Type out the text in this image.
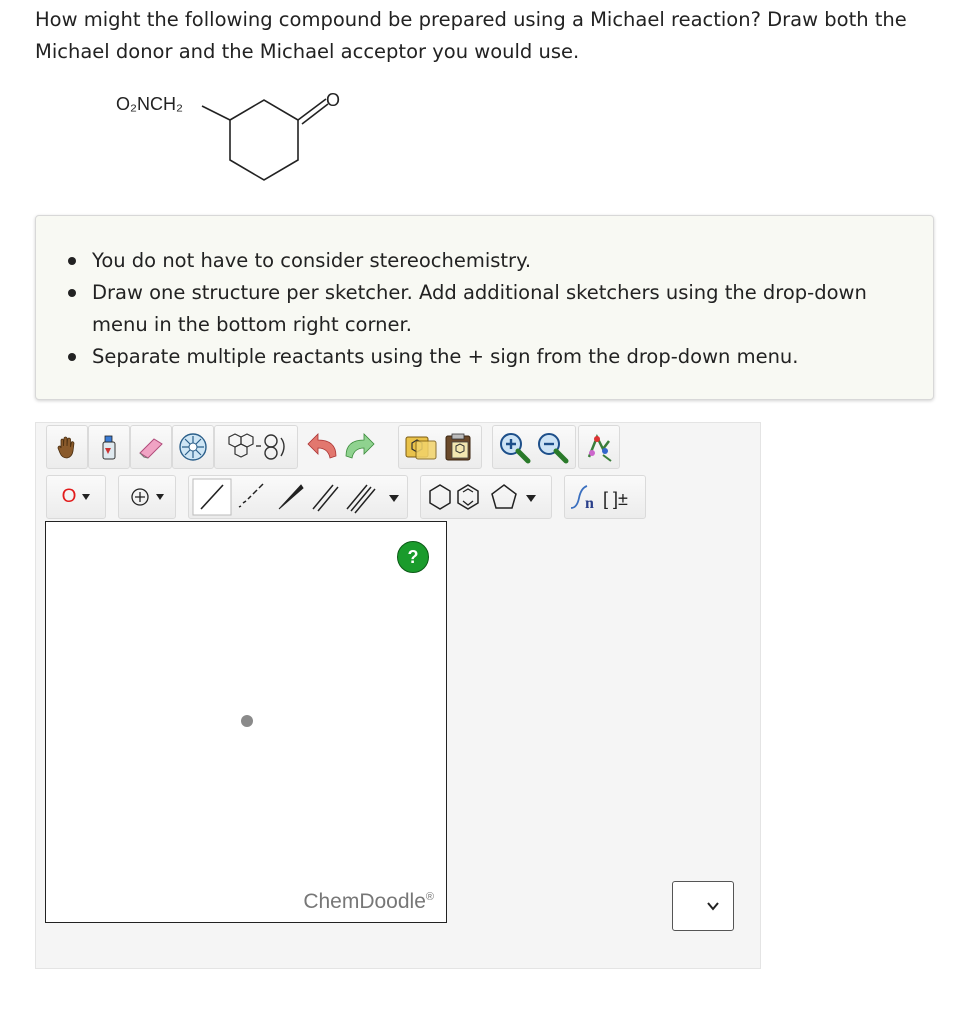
How might the following compound be prepared using a Michael reaction? Draw both the Michael donor and the Michael acceptor you would use.
O₂NCH₂	O
You do not have to consider stereochemistry.
Draw one structure per sketcher. Add additional sketchers using the drop-down menu in the bottom right corner.
Separate multiple reactants using the + sign from the drop-down menu.
O	n [ ]±
?
ChemDoodle®
